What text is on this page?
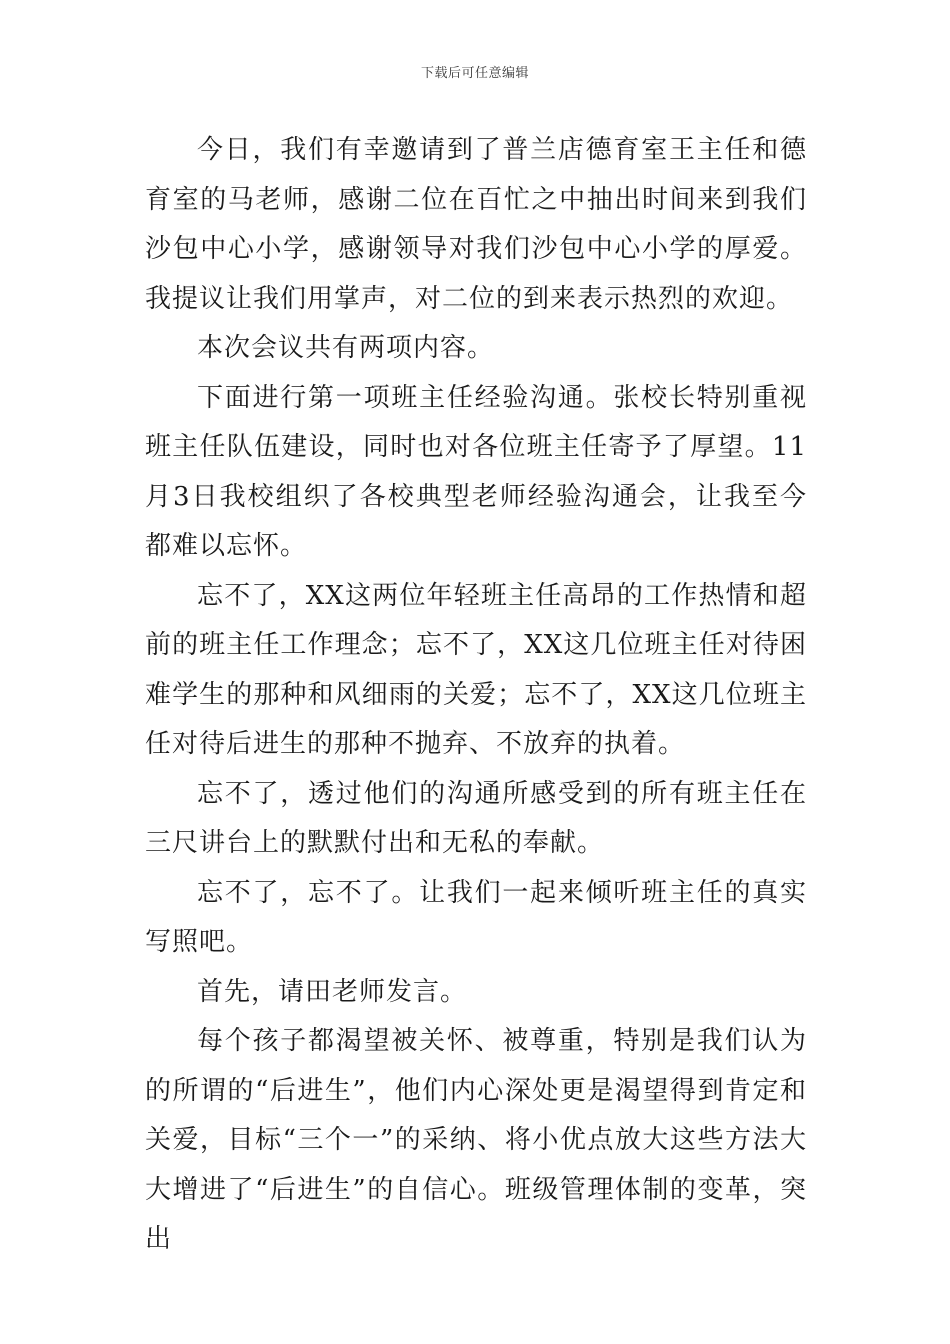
下载后可任意编辑

今日，我们有幸邀请到了普兰店德育室王主任和德育室的马老师，感谢二位在百忙之中抽出时间来到我们沙包中心小学，感谢领导对我们沙包中心小学的厚爱。我提议让我们用掌声，对二位的到来表示热烈的欢迎。

本次会议共有两项内容。

下面进行第一项班主任经验沟通。张校长特别重视班主任队伍建设，同时也对各位班主任寄予了厚望。11月3日我校组织了各校典型老师经验沟通会，让我至今都难以忘怀。

忘不了，XX这两位年轻班主任高昂的工作热情和超前的班主任工作理念；忘不了，XX这几位班主任对待困难学生的那种和风细雨的关爱；忘不了，XX这几位班主任对待后进生的那种不抛弃、不放弃的执着。

忘不了，透过他们的沟通所感受到的所有班主任在三尺讲台上的默默付出和无私的奉献。

忘不了，忘不了。让我们一起来倾听班主任的真实写照吧。

首先，请田老师发言。

每个孩子都渴望被关怀、被尊重，特别是我们认为的所谓的“后进生”，他们内心深处更是渴望得到肯定和关爱，目标“三个一”的采纳、将小优点放大这些方法大大增进了“后进生”的自信心。班级管理体制的变革，突出
